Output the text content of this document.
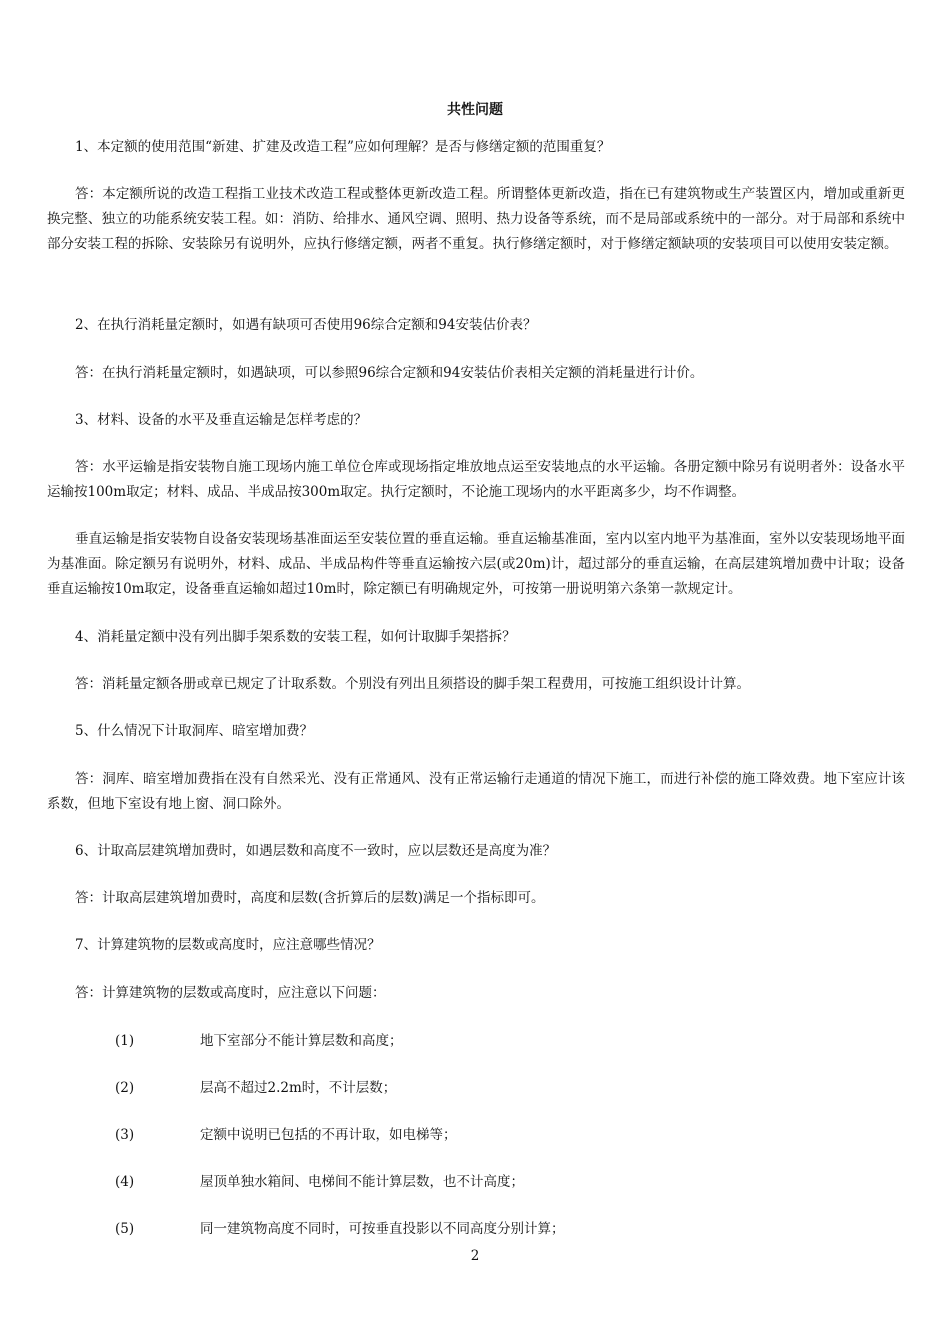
共性问题

1、本定额的使用范围“新建、扩建及改造工程”应如何理解？是否与修缮定额的范围重复？

答：本定额所说的改造工程指工业技术改造工程或整体更新改造工程。所谓整体更新改造，指在已有建筑物或生产装置区内，增加或重新更换完整、独立的功能系统安装工程。如：消防、给排水、通风空调、照明、热力设备等系统，而不是局部或系统中的一部分。对于局部和系统中部分安装工程的拆除、安装除另有说明外，应执行修缮定额，两者不重复。执行修缮定额时，对于修缮定额缺项的安装项目可以使用安装定额。

2、在执行消耗量定额时，如遇有缺项可否使用96综合定额和94安装估价表？

答：在执行消耗量定额时，如遇缺项，可以参照96综合定额和94安装估价表相关定额的消耗量进行计价。

3、材料、设备的水平及垂直运输是怎样考虑的？

答：水平运输是指安装物自施工现场内施工单位仓库或现场指定堆放地点运至安装地点的水平运输。各册定额中除另有说明者外：设备水平运输按100m取定；材料、成品、半成品按300m取定。执行定额时，不论施工现场内的水平距离多少，均不作调整。

垂直运输是指安装物自设备安装现场基准面运至安装位置的垂直运输。垂直运输基准面，室内以室内地平为基准面，室外以安装现场地平面为基准面。除定额另有说明外，材料、成品、半成品构件等垂直运输按六层(或20m)计，超过部分的垂直运输，在高层建筑增加费中计取；设备垂直运输按10m取定，设备垂直运输如超过10m时，除定额已有明确规定外，可按第一册说明第六条第一款规定计。

4、消耗量定额中没有列出脚手架系数的安装工程，如何计取脚手架搭拆？

答：消耗量定额各册或章已规定了计取系数。个别没有列出且须搭设的脚手架工程费用，可按施工组织设计计算。

5、什么情况下计取洞库、暗室增加费？

答：洞库、暗室增加费指在没有自然采光、没有正常通风、没有正常运输行走通道的情况下施工，而进行补偿的施工降效费。地下室应计该系数，但地下室设有地上窗、洞口除外。

6、计取高层建筑增加费时，如遇层数和高度不一致时，应以层数还是高度为准？

答：计取高层建筑增加费时，高度和层数(含折算后的层数)满足一个指标即可。

7、计算建筑物的层数或高度时，应注意哪些情况？

答：计算建筑物的层数或高度时，应注意以下问题：

(1)	地下室部分不能计算层数和高度；
(2)	层高不超过2.2m时，不计层数；
(3)	定额中说明已包括的不再计取，如电梯等；
(4)	屋顶单独水箱间、电梯间不能计算层数，也不计高度；
(5)	同一建筑物高度不同时，可按垂直投影以不同高度分别计算；
2
